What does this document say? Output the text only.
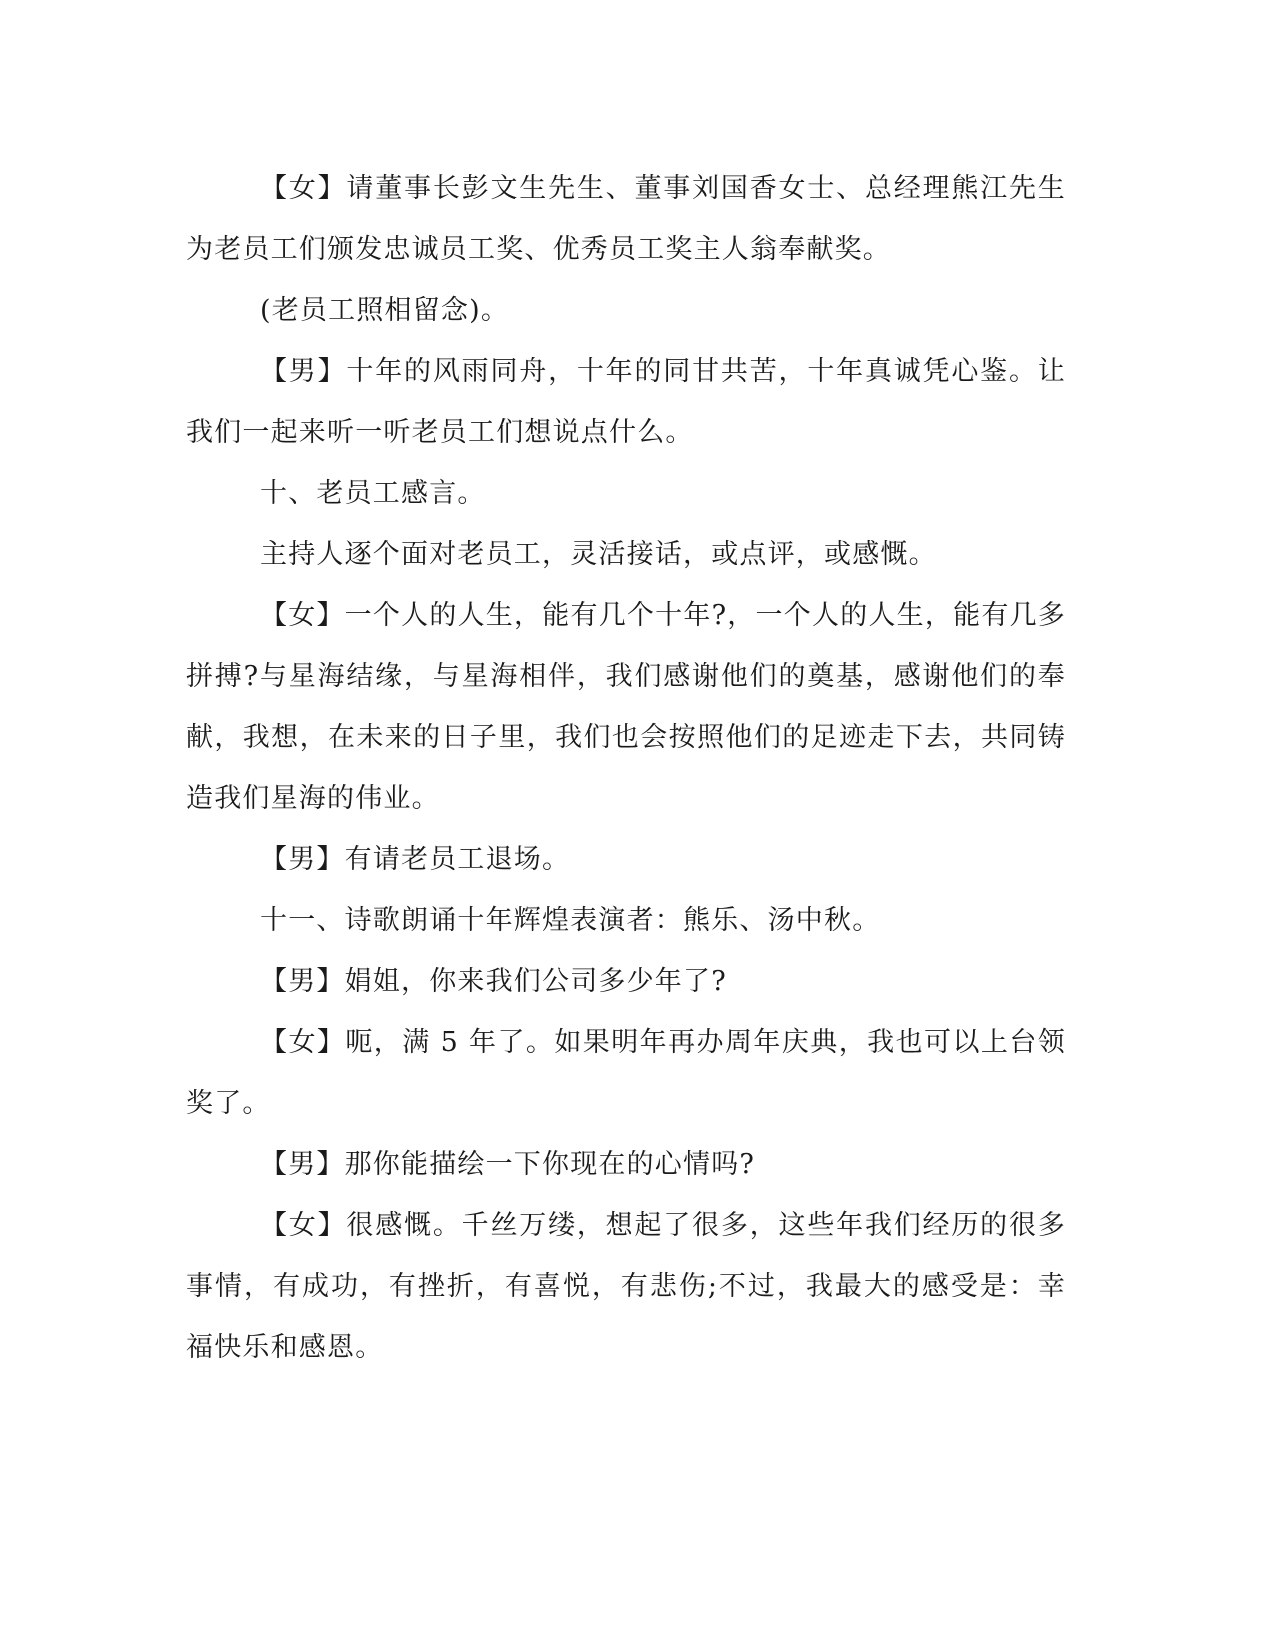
【女】请董事长彭文生先生、董事刘国香女士、总经理熊江先生为老员工们颁发忠诚员工奖、优秀员工奖主人翁奉献奖。

(老员工照相留念)。

【男】十年的风雨同舟，十年的同甘共苦，十年真诚凭心鉴。让我们一起来听一听老员工们想说点什么。

十、老员工感言。

主持人逐个面对老员工，灵活接话，或点评，或感慨。

【女】一个人的人生，能有几个十年?，一个人的人生，能有几多拼搏?与星海结缘，与星海相伴，我们感谢他们的奠基，感谢他们的奉献，我想，在未来的日子里，我们也会按照他们的足迹走下去，共同铸造我们星海的伟业。

【男】有请老员工退场。

十一、诗歌朗诵十年辉煌表演者：熊乐、汤中秋。

【男】娟姐，你来我们公司多少年了?

【女】呃，满 5 年了。如果明年再办周年庆典，我也可以上台领奖了。

【男】那你能描绘一下你现在的心情吗?

【女】很感慨。千丝万缕，想起了很多，这些年我们经历的很多事情，有成功，有挫折，有喜悦，有悲伤;不过，我最大的感受是：幸福快乐和感恩。
